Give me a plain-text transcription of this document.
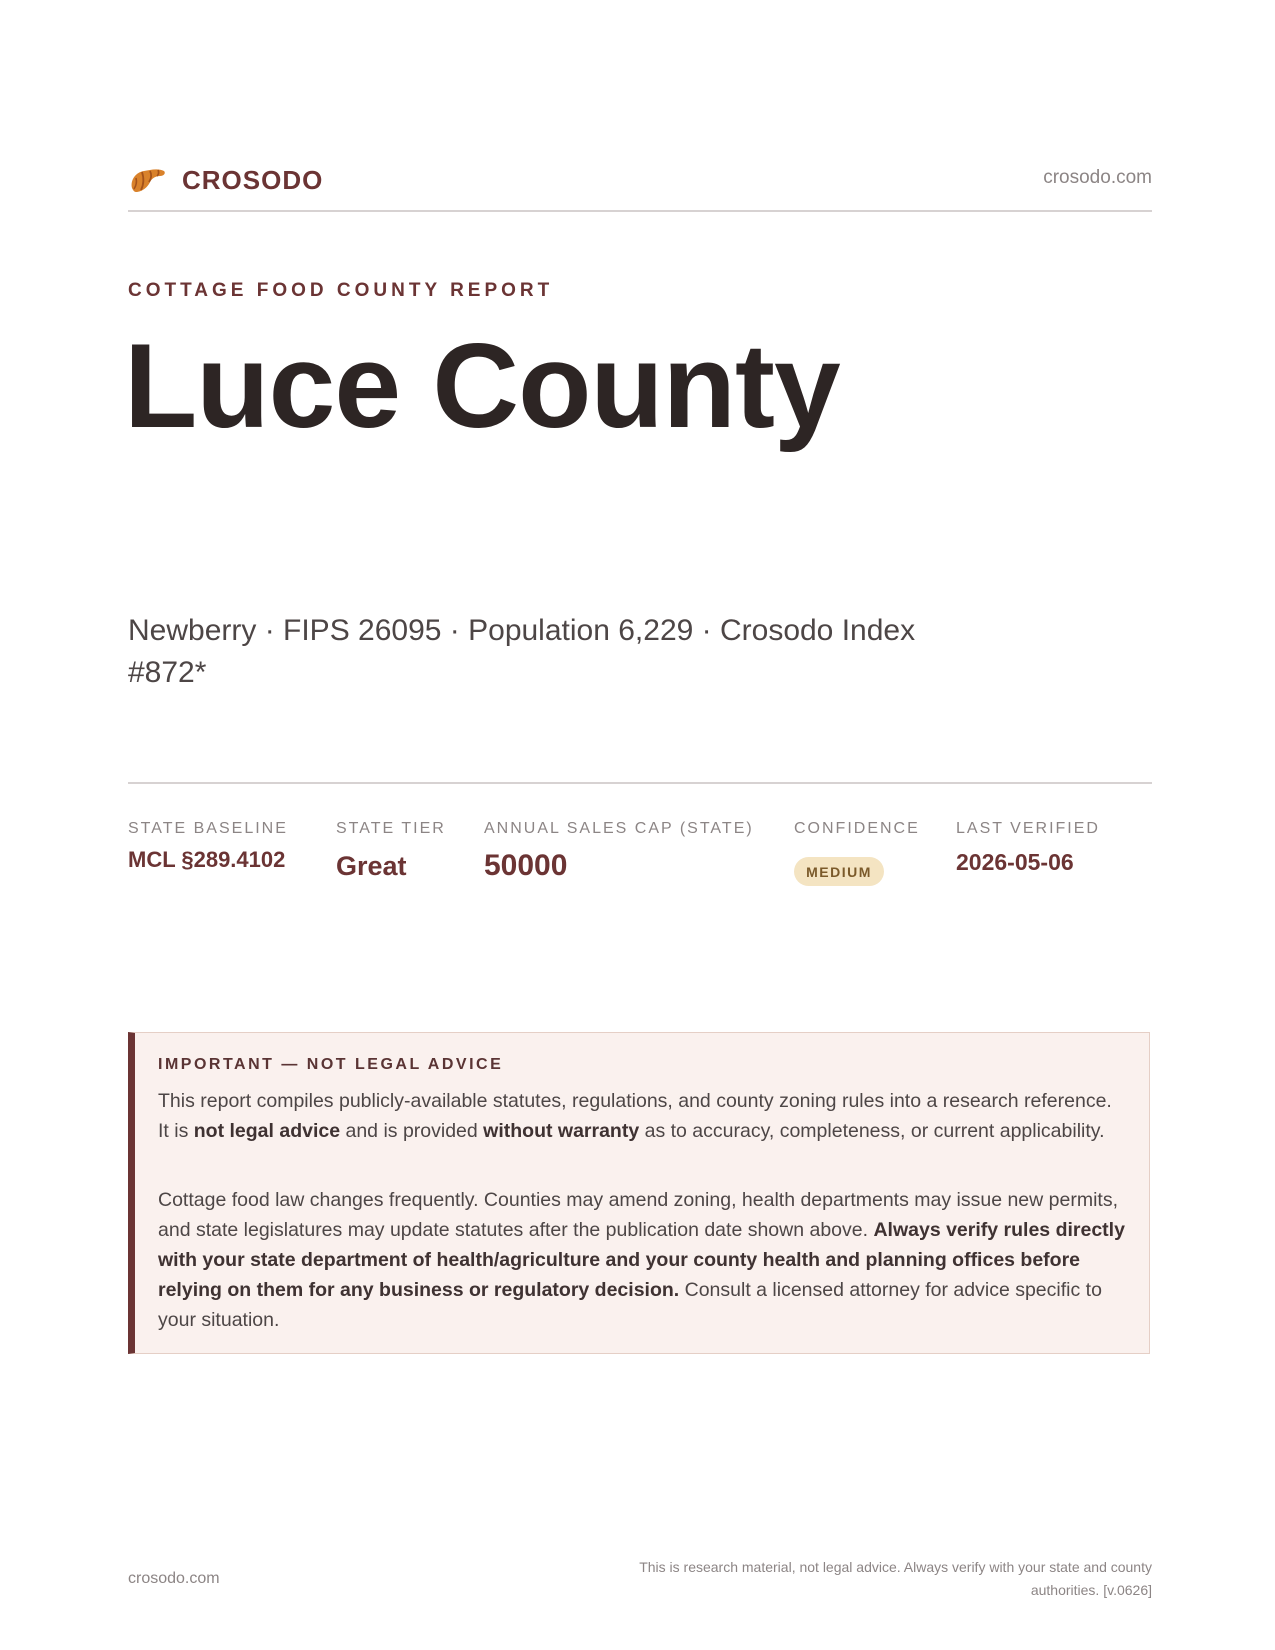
CROSODO	crosodo.com
COTTAGE FOOD COUNTY REPORT
Luce County
Newberry · FIPS 26095 · Population 6,229 · Crosodo Index #872*
STATE BASELINE
MCL §289.4102
STATE TIER
Great
ANNUAL SALES CAP (STATE)
50000
CONFIDENCE
MEDIUM
LAST VERIFIED
2026-05-06
IMPORTANT — NOT LEGAL ADVICE

This report compiles publicly-available statutes, regulations, and county zoning rules into a research reference. It is not legal advice and is provided without warranty as to accuracy, completeness, or current applicability.

Cottage food law changes frequently. Counties may amend zoning, health departments may issue new permits, and state legislatures may update statutes after the publication date shown above. Always verify rules directly with your state department of health/agriculture and your county health and planning offices before relying on them for any business or regulatory decision. Consult a licensed attorney for advice specific to your situation.

crosodo.com
This is research material, not legal advice. Always verify with your state and county authorities. [v.0626]
